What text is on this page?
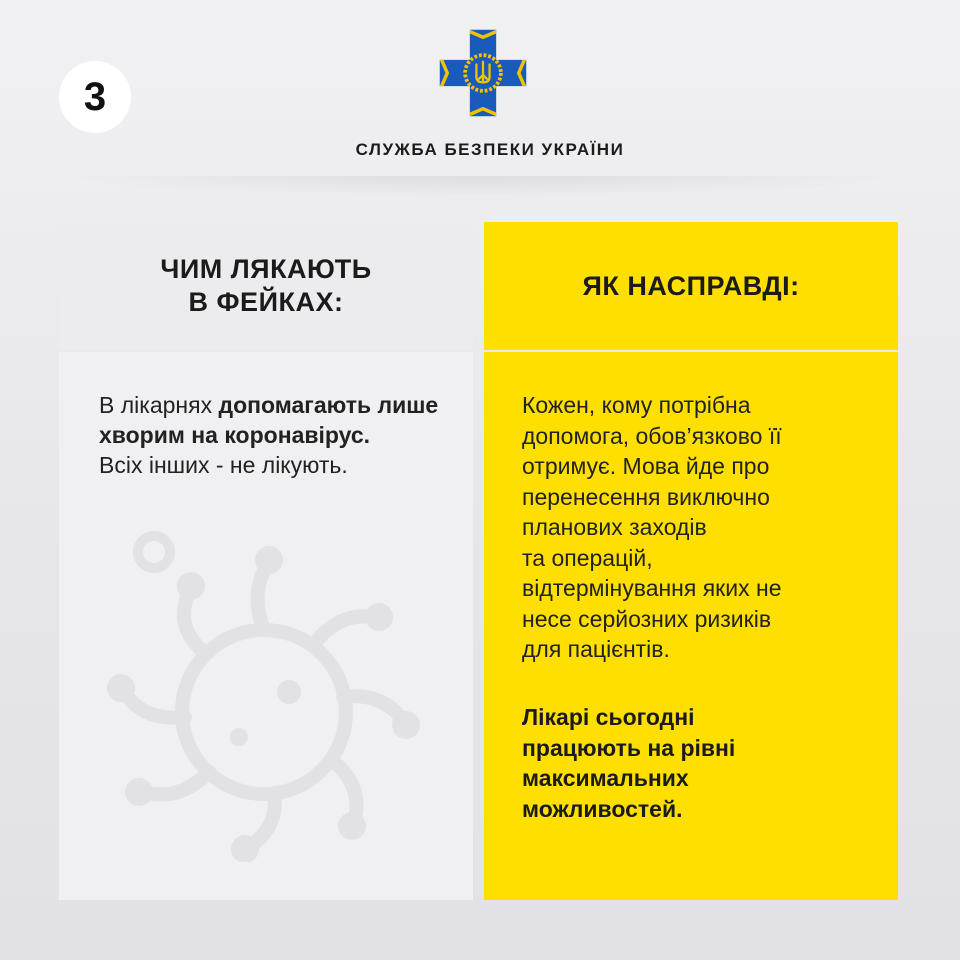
3
СЛУЖБА БЕЗПЕКИ УКРАЇНИ

ЧИМ ЛЯКАЮТЬ
В ФЕЙКАХ:

В лікарнях допомагають лише хворим на коронавірус.
Всіх інших - не лікують.

ЯК НАСПРАВДІ:

Кожен, кому потрібна
допомога, обов’язково її
отримує. Мова йде про
перенесення виключно
планових заходів
та операцій,
відтермінування яких не
несе серйозних ризиків
для пацієнтів.

Лікарі сьогодні
працюють на рівні
максимальних
можливостей.
